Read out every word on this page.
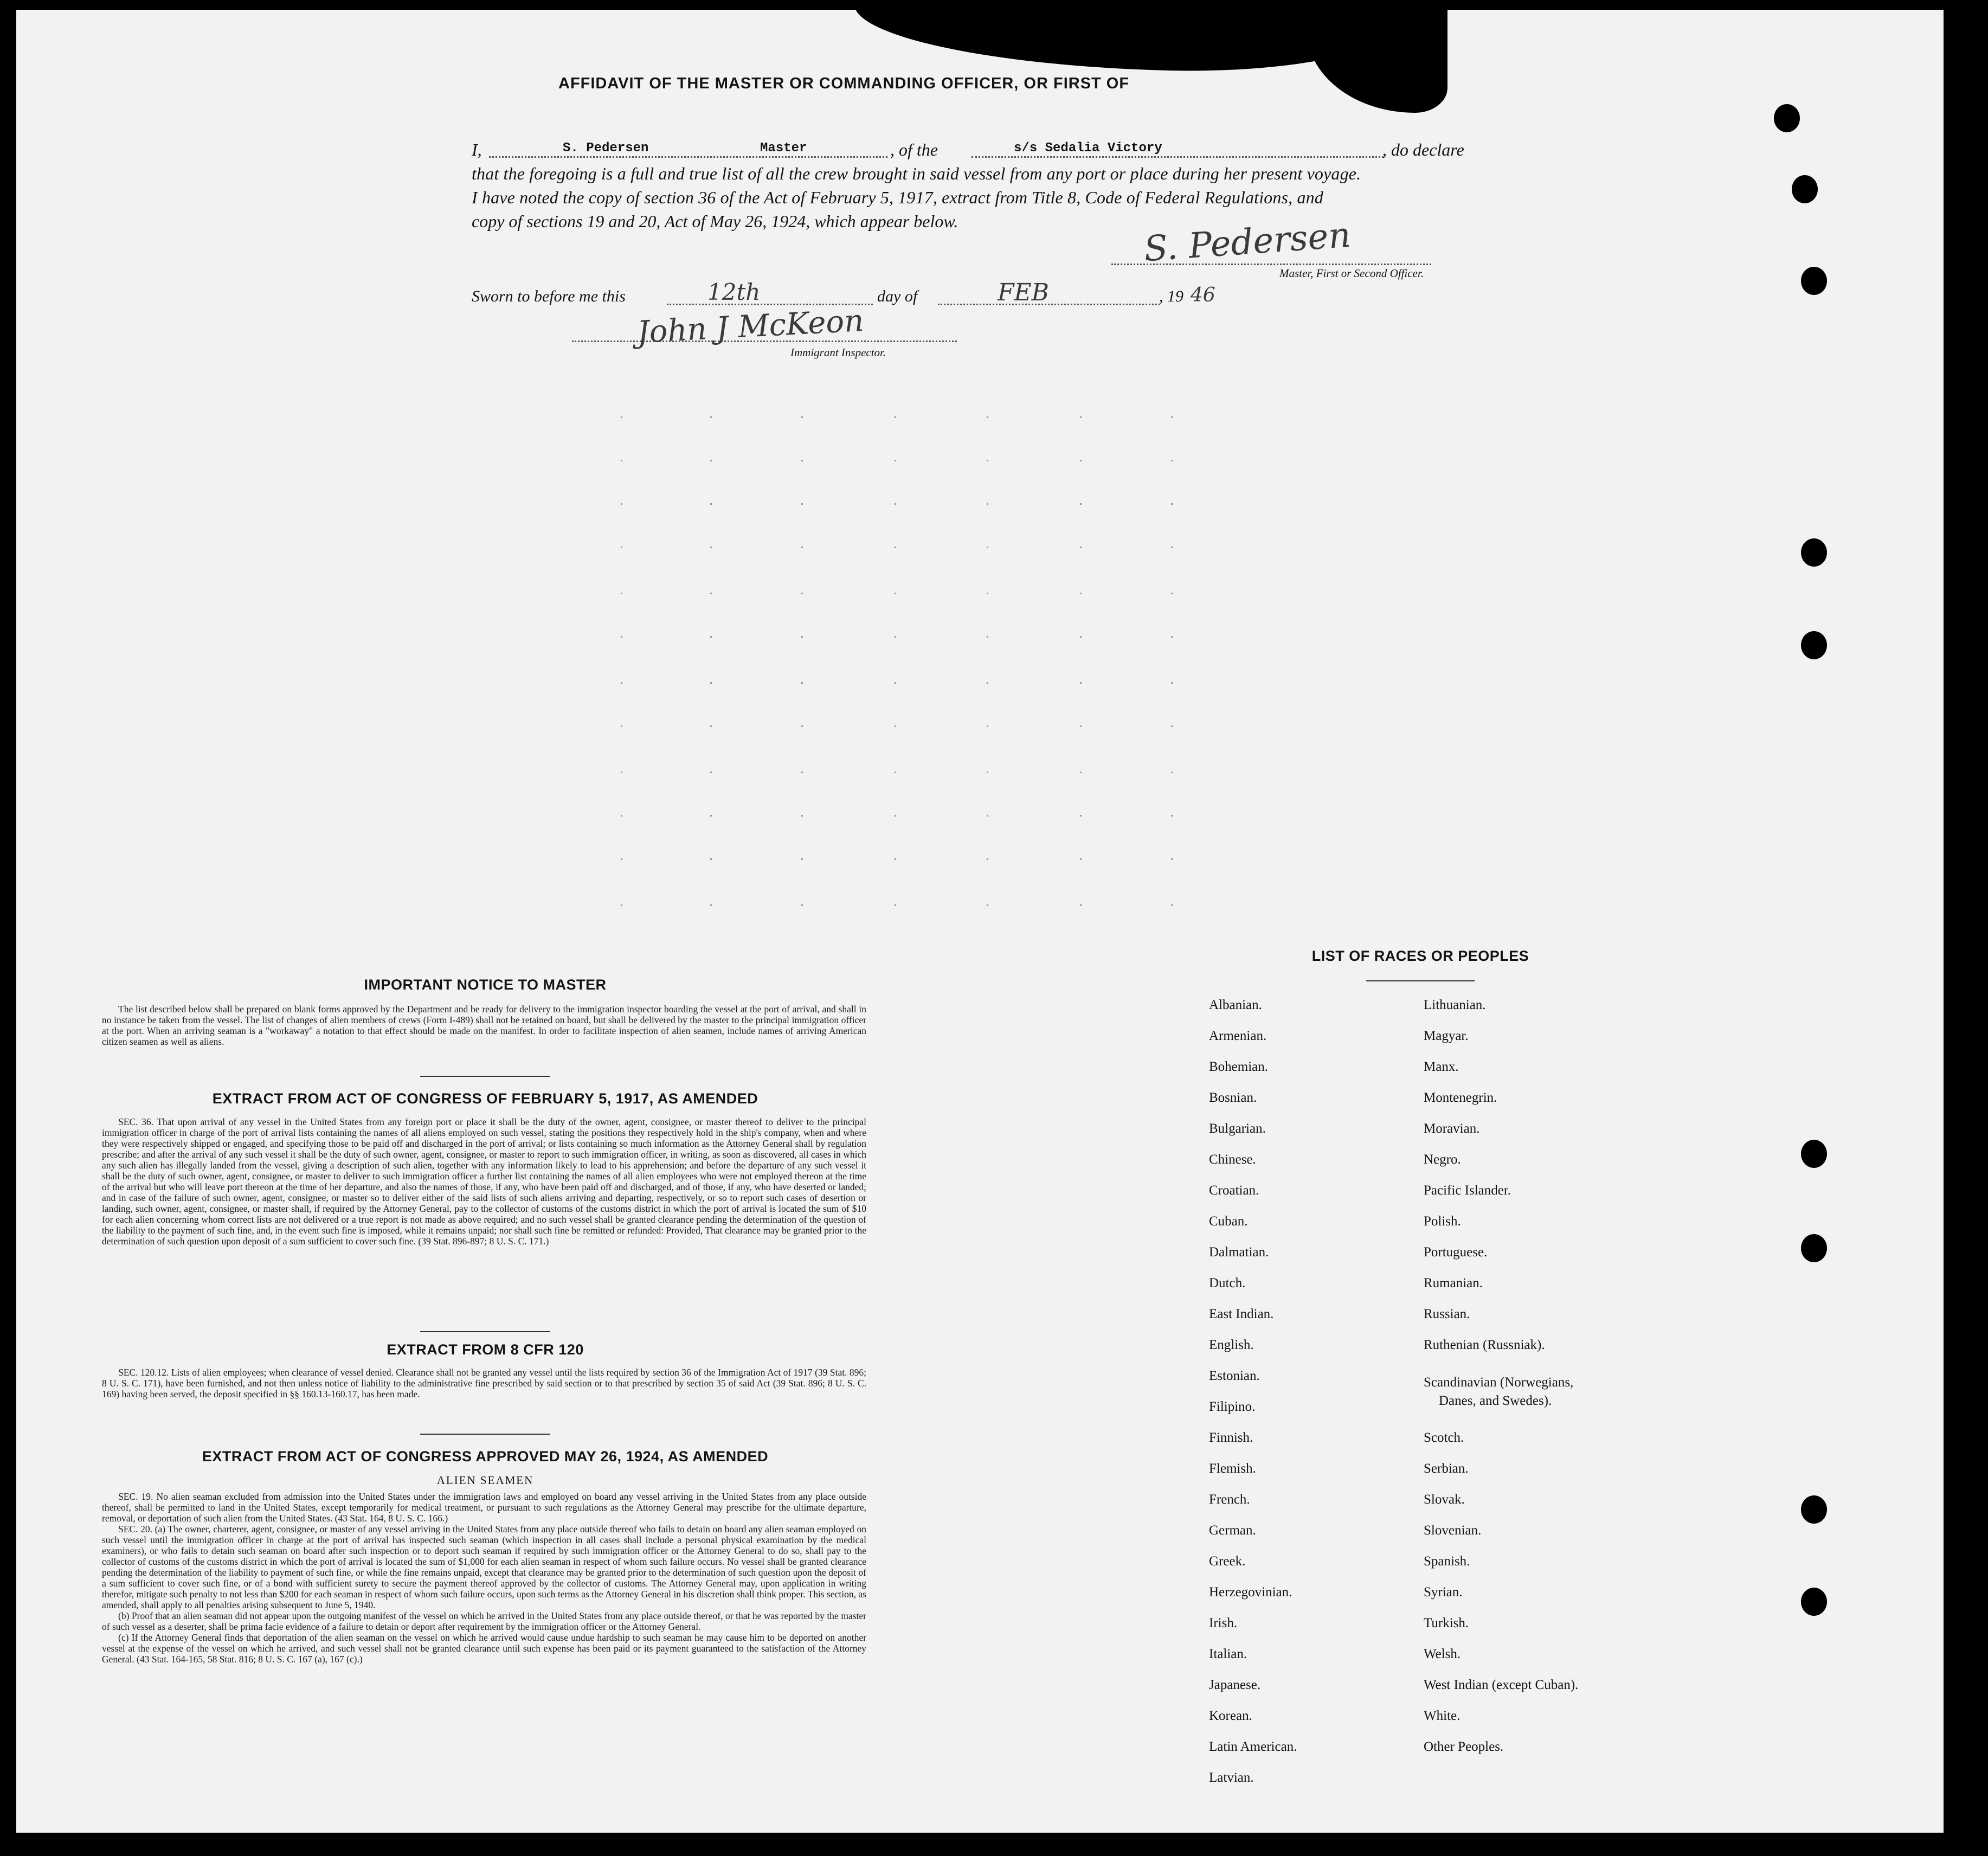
AFFIDAVIT OF THE MASTER OR COMMANDING OFFICER, OR FIRST OF
I,	S. Pedersen	Master	, of the	s/s Sedalia Victory	, do declare
that the foregoing is a full and true list of all the crew brought in said vessel from any port or place during her present voyage.
I have noted the copy of section 36 of the Act of February 5, 1917, extract from Title 8, Code of Federal Regulations, and
copy of sections 19 and 20, Act of May 26, 1924, which appear below.	S. Pedersen
Master, First or Second Officer.
Sworn to before me this	12th	day of	FEB	, 19 46
John J McKeon
Immigrant Inspector.
IMPORTANT NOTICE TO MASTER

The list described below shall be prepared on blank forms approved by the Department and be ready for delivery to the immigration inspector boarding the vessel at the port of arrival, and shall in no instance be taken from the vessel. The list of changes of alien members of crews (Form I-489) shall not be retained on board, but shall be delivered by the master to the principal immigration officer at the port. When an arriving seaman is a "workaway" a notation to that effect should be made on the manifest. In order to facilitate inspection of alien seamen, include names of arriving American citizen seamen as well as aliens.

EXTRACT FROM ACT OF CONGRESS OF FEBRUARY 5, 1917, AS AMENDED

SEC. 36. That upon arrival of any vessel in the United States from any foreign port or place it shall be the duty of the owner, agent, consignee, or master thereof to deliver to the principal immigration officer in charge of the port of arrival lists containing the names of all aliens employed on such vessel, stating the positions they respectively hold in the ship's company, when and where they were respectively shipped or engaged, and specifying those to be paid off and discharged in the port of arrival; or lists containing so much information as the Attorney General shall by regulation prescribe; and after the arrival of any such vessel it shall be the duty of such owner, agent, consignee, or master to report to such immigration officer, in writing, as soon as discovered, all cases in which any such alien has illegally landed from the vessel, giving a description of such alien, together with any information likely to lead to his apprehension; and before the departure of any such vessel it shall be the duty of such owner, agent, consignee, or master to deliver to such immigration officer a further list containing the names of all alien employees who were not employed thereon at the time of the arrival but who will leave port thereon at the time of her departure, and also the names of those, if any, who have been paid off and discharged, and of those, if any, who have deserted or landed; and in case of the failure of such owner, agent, consignee, or master so to deliver either of the said lists of such aliens arriving and departing, respectively, or so to report such cases of desertion or landing, such owner, agent, consignee, or master shall, if required by the Attorney General, pay to the collector of customs of the customs district in which the port of arrival is located the sum of $10 for each alien concerning whom correct lists are not delivered or a true report is not made as above required; and no such vessel shall be granted clearance pending the determination of the question of the liability to the payment of such fine, and, in the event such fine is imposed, while it remains unpaid; nor shall such fine be remitted or refunded: Provided, That clearance may be granted prior to the determination of such question upon deposit of a sum sufficient to cover such fine. (39 Stat. 896-897; 8 U. S. C. 171.)

EXTRACT FROM 8 CFR 120

SEC. 120.12. Lists of alien employees; when clearance of vessel denied. Clearance shall not be granted any vessel until the lists required by section 36 of the Immigration Act of 1917 (39 Stat. 896; 8 U. S. C. 171), have been furnished, and not then unless notice of liability to the administrative fine prescribed by said section or to that prescribed by section 35 of said Act (39 Stat. 896; 8 U. S. C. 169) having been served, the deposit specified in §§ 160.13-160.17, has been made.

EXTRACT FROM ACT OF CONGRESS APPROVED MAY 26, 1924, AS AMENDED
ALIEN SEAMEN

SEC. 19. No alien seaman excluded from admission into the United States under the immigration laws and employed on board any vessel arriving in the United States from any place outside thereof, shall be permitted to land in the United States, except temporarily for medical treatment, or pursuant to such regulations as the Attorney General may prescribe for the ultimate departure, removal, or deportation of such alien from the United States. (43 Stat. 164, 8 U. S. C. 166.)

SEC. 20. (a) The owner, charterer, agent, consignee, or master of any vessel arriving in the United States from any place outside thereof who fails to detain on board any alien seaman employed on such vessel until the immigration officer in charge at the port of arrival has inspected such seaman (which inspection in all cases shall include a personal physical examination by the medical examiners), or who fails to detain such seaman on board after such inspection or to deport such seaman if required by such immigration officer or the Attorney General to do so, shall pay to the collector of customs of the customs district in which the port of arrival is located the sum of $1,000 for each alien seaman in respect of whom such failure occurs. No vessel shall be granted clearance pending the determination of the liability to payment of such fine, or while the fine remains unpaid, except that clearance may be granted prior to the determination of such question upon the deposit of a sum sufficient to cover such fine, or of a bond with sufficient surety to secure the payment thereof approved by the collector of customs. The Attorney General may, upon application in writing therefor, mitigate such penalty to not less than $200 for each seaman in respect of whom such failure occurs, upon such terms as the Attorney General in his discretion shall think proper. This section, as amended, shall apply to all penalties arising subsequent to June 5, 1940.

(b) Proof that an alien seaman did not appear upon the outgoing manifest of the vessel on which he arrived in the United States from any place outside thereof, or that he was reported by the master of such vessel as a deserter, shall be prima facie evidence of a failure to detain or deport after requirement by the immigration officer or the Attorney General.

(c) If the Attorney General finds that deportation of the alien seaman on the vessel on which he arrived would cause undue hardship to such seaman he may cause him to be deported on another vessel at the expense of the vessel on which he arrived, and such vessel shall not be granted clearance until such expense has been paid or its payment guaranteed to the satisfaction of the Attorney General. (43 Stat. 164-165, 58 Stat. 816; 8 U. S. C. 167 (a), 167 (c).)

LIST OF RACES OR PEOPLES
Albanian.
Armenian.
Bohemian.
Bosnian.
Bulgarian.
Chinese.
Croatian.
Cuban.
Dalmatian.
Dutch.
East Indian.
English.
Estonian.
Filipino.
Finnish.
Flemish.
French.
German.
Greek.
Herzegovinian.
Irish.
Italian.
Japanese.
Korean.
Latin American.
Latvian.
Lithuanian.
Magyar.
Manx.
Montenegrin.
Moravian.
Negro.
Pacific Islander.
Polish.
Portuguese.
Rumanian.
Russian.
Ruthenian (Russniak).
Scandinavian (Norwegians,
Danes, and Swedes).
Scotch.
Serbian.
Slovak.
Slovenian.
Spanish.
Syrian.
Turkish.
Welsh.
West Indian (except Cuban).
White.
Other Peoples.
